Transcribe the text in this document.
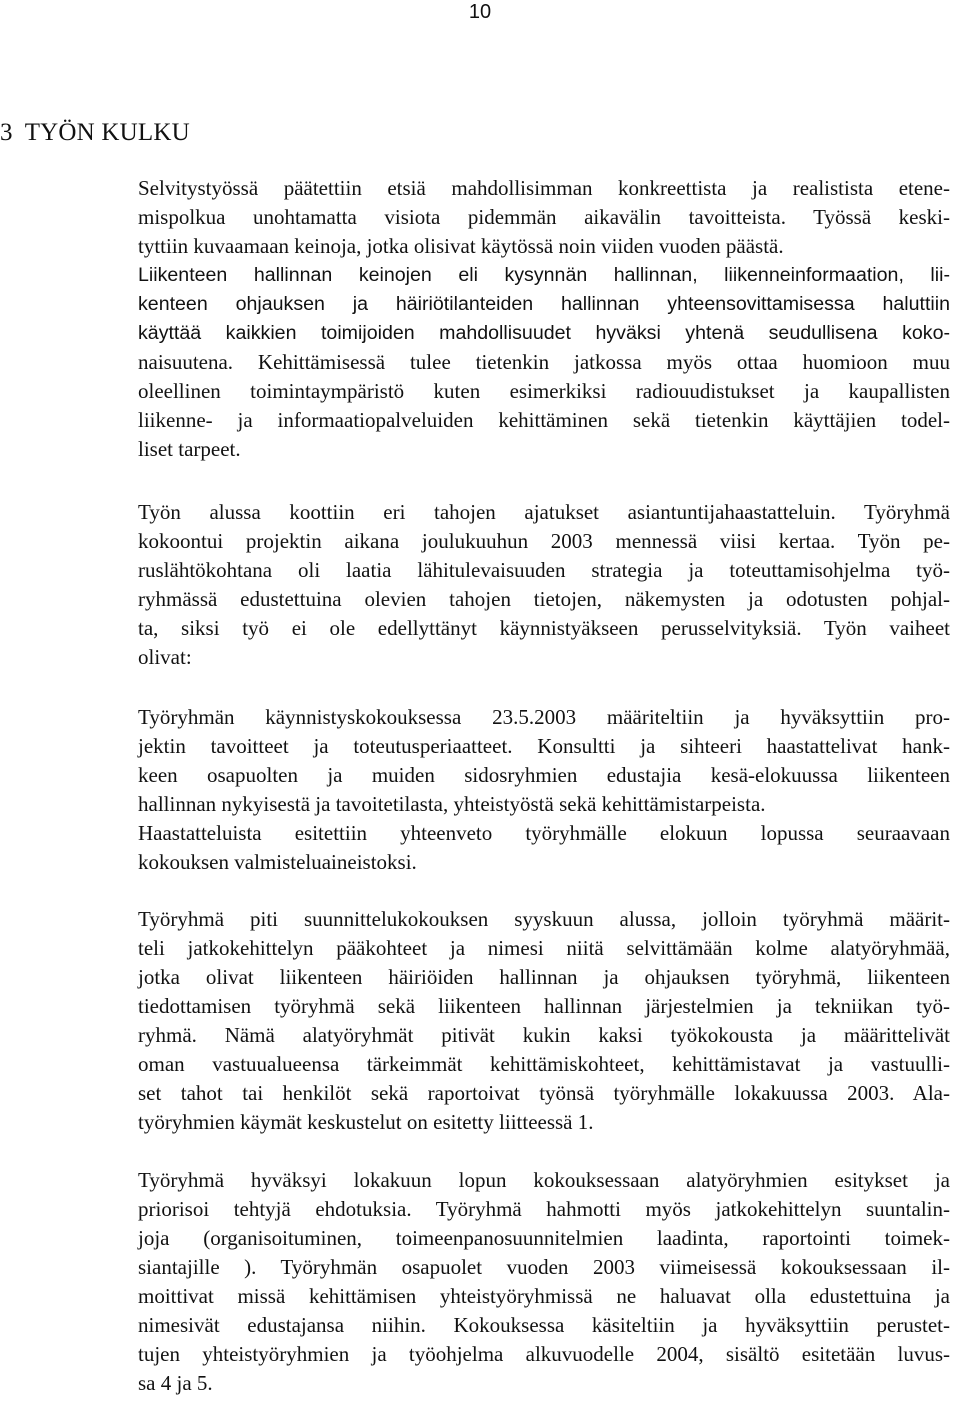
10
3 TYÖN KULKU
Selvitystyössä päätettiin etsiä mahdollisimman konkreettista ja realistista etene-
mispolkua unohtamatta visiota pidemmän aikavälin tavoitteista. Työssä keski-
tyttiin kuvaamaan keinoja, jotka olisivat käytössä noin viiden vuoden päästä.
Liikenteen hallinnan keinojen eli kysynnän hallinnan, liikenneinformaation, lii-
kenteen ohjauksen ja häiriötilanteiden hallinnan yhteensovittamisessa haluttiin
käyttää kaikkien toimijoiden mahdollisuudet hyväksi yhtenä seudullisena koko-
naisuutena. Kehittämisessä tulee tietenkin jatkossa myös ottaa huomioon muu
oleellinen toimintaympäristö kuten esimerkiksi radiouudistukset ja kaupallisten
liikenne- ja informaatiopalveluiden kehittäminen sekä tietenkin käyttäjien todel-
liset tarpeet.
Työn alussa koottiin eri tahojen ajatukset asiantuntijahaastatteluin. Työryhmä
kokoontui projektin aikana joulukuuhun 2003 mennessä viisi kertaa. Työn pe-
ruslähtökohtana oli laatia lähitulevaisuuden strategia ja toteuttamisohjelma työ-
ryhmässä edustettuina olevien tahojen tietojen, näkemysten ja odotusten pohjal-
ta, siksi työ ei ole edellyttänyt käynnistyäkseen perusselvityksiä. Työn vaiheet
olivat:
Työryhmän käynnistyskokouksessa 23.5.2003 määriteltiin ja hyväksyttiin pro-
jektin tavoitteet ja toteutusperiaatteet. Konsultti ja sihteeri haastattelivat hank-
keen osapuolten ja muiden sidosryhmien edustajia kesä-elokuussa liikenteen
hallinnan nykyisestä ja tavoitetilasta, yhteistyöstä sekä kehittämistarpeista.
Haastatteluista esitettiin yhteenveto työryhmälle elokuun lopussa seuraavaan
kokouksen valmisteluaineistoksi.
Työryhmä piti suunnittelukokouksen syyskuun alussa, jolloin työryhmä määrit-
teli jatkokehittelyn pääkohteet ja nimesi niitä selvittämään kolme alatyöryhmää,
jotka olivat liikenteen häiriöiden hallinnan ja ohjauksen työryhmä, liikenteen
tiedottamisen työryhmä sekä liikenteen hallinnan järjestelmien ja tekniikan työ-
ryhmä. Nämä alatyöryhmät pitivät kukin kaksi työkokousta ja määrittelivät
oman vastuualueensa tärkeimmät kehittämiskohteet, kehittämistavat ja vastuulli-
set tahot tai henkilöt sekä raportoivat työnsä työryhmälle lokakuussa 2003. Ala-
työryhmien käymät keskustelut on esitetty liitteessä 1.
Työryhmä hyväksyi lokakuun lopun kokouksessaan alatyöryhmien esitykset ja
priorisoi tehtyjä ehdotuksia. Työryhmä hahmotti myös jatkokehittelyn suuntalin-
joja (organisoituminen, toimeenpanosuunnitelmien laadinta, raportointi toimek-
siantajille ). Työryhmän osapuolet vuoden 2003 viimeisessä kokouksessaan il-
moittivat missä kehittämisen yhteistyöryhmissä ne haluavat olla edustettuina ja
nimesivät edustajansa niihin. Kokouksessa käsiteltiin ja hyväksyttiin perustet-
tujen yhteistyöryhmien ja työohjelma alkuvuodelle 2004, sisältö esitetään luvus-
sa 4 ja 5.
